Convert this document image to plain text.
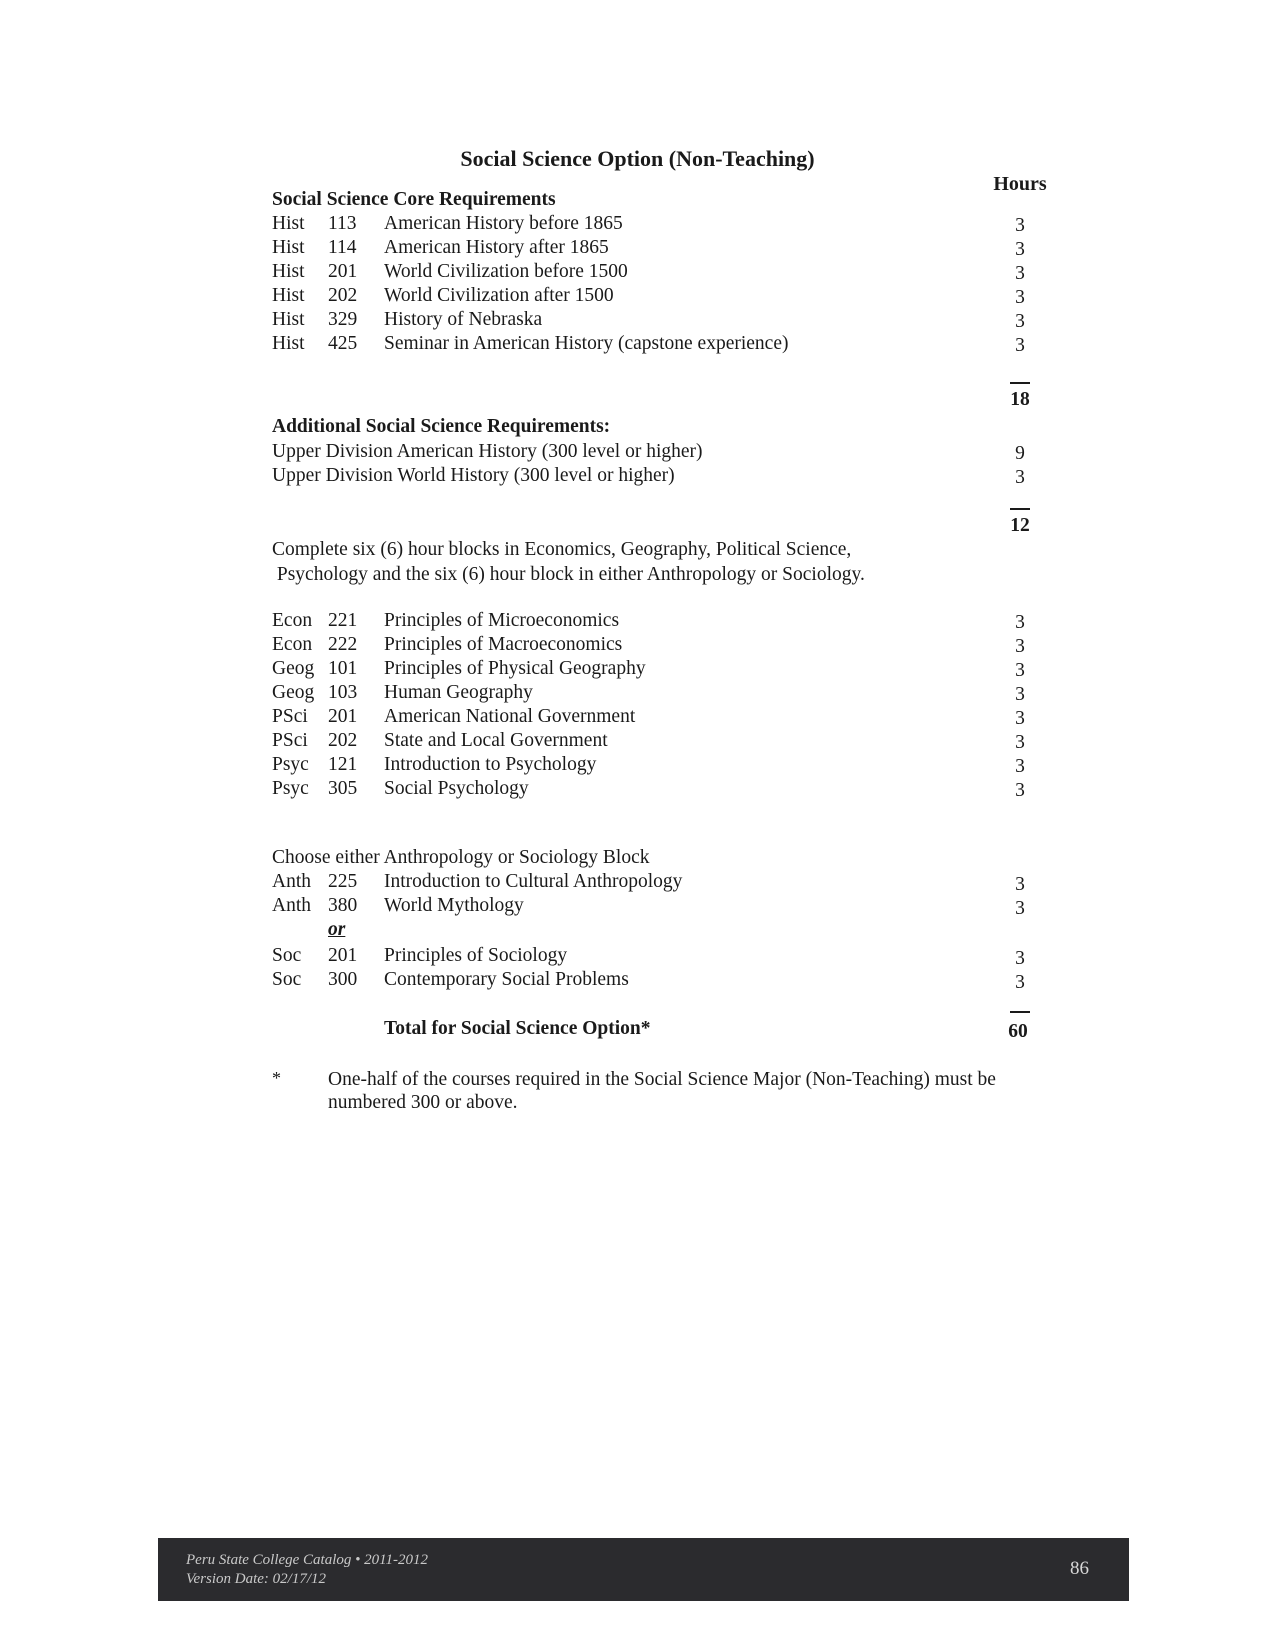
Social Science Option (Non-Teaching)
Hours
Social Science Core Requirements
Hist 113 American History before 1865
Hist 114 American History after 1865
Hist 201 World Civilization before 1500
Hist 202 World Civilization after 1500
Hist 329 History of Nebraska
Hist 425 Seminar in American History (capstone experience)
3
3
3
3
3
3
18
Additional Social Science Requirements:
Upper Division American History (300 level or higher)
Upper Division World History (300 level or higher)
9
3
12
Complete six (6) hour blocks in Economics, Geography, Political Science,
Psychology and the six (6) hour block in either Anthropology or Sociology.
Econ 221 Principles of Microeconomics
Econ 222 Principles of Macroeconomics
Geog 101 Principles of Physical Geography
Geog 103 Human Geography
PSci 201 American National Government
PSci 202 State and Local Government
Psyc 121 Introduction to Psychology
Psyc 305 Social Psychology
3
3
3
3
3
3
3
3
Choose either Anthropology or Sociology Block
Anth 225 Introduction to Cultural Anthropology
Anth 380 World Mythology
or
Soc 201 Principles of Sociology
Soc 300 Contemporary Social Problems
3
3
3
3
Total for Social Science Option*	60
* One-half of the courses required in the Social Science Major (Non-Teaching) must be numbered 300 or above.
Peru State College Catalog • 2011-2012
Version Date: 02/17/12	86
